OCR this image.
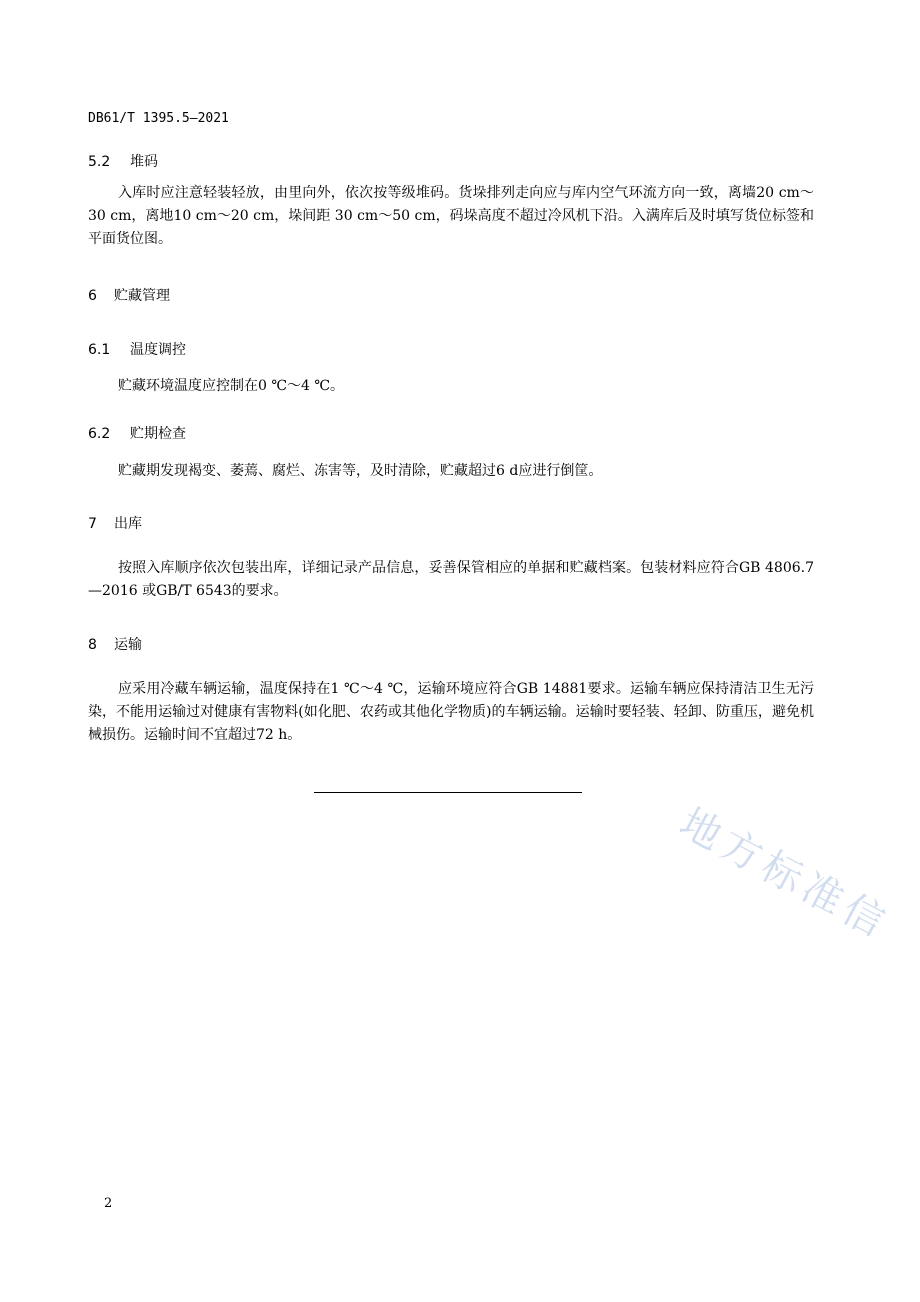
DB61/T 1395.5—2021
5.2 堆码
入库时应注意轻装轻放，由里向外，依次按等级堆码。货垛排列走向应与库内空气环流方向一致，离墙20 cm～30 cm，离地10 cm～20 cm，垛间距 30 cm～50 cm，码垛高度不超过冷风机下沿。入满库后及时填写货位标签和平面货位图。
6 贮藏管理
6.1 温度调控
贮藏环境温度应控制在0 ℃～4 ℃。
6.2 贮期检查
贮藏期发现褐变、萎蔫、腐烂、冻害等，及时清除，贮藏超过6 d应进行倒筐。
7 出库
按照入库顺序依次包装出库，详细记录产品信息，妥善保管相应的单据和贮藏档案。包装材料应符合GB 4806.7—2016 或GB/T 6543的要求。
8 运输
应采用冷藏车辆运输，温度保持在1 ℃～4 ℃，运输环境应符合GB 14881要求。运输车辆应保持清洁卫生无污染，不能用运输过对健康有害物料(如化肥、农药或其他化学物质)的车辆运输。运输时要轻装、轻卸、防重压，避免机械损伤。运输时间不宜超过72 h。
地方标准信
2
